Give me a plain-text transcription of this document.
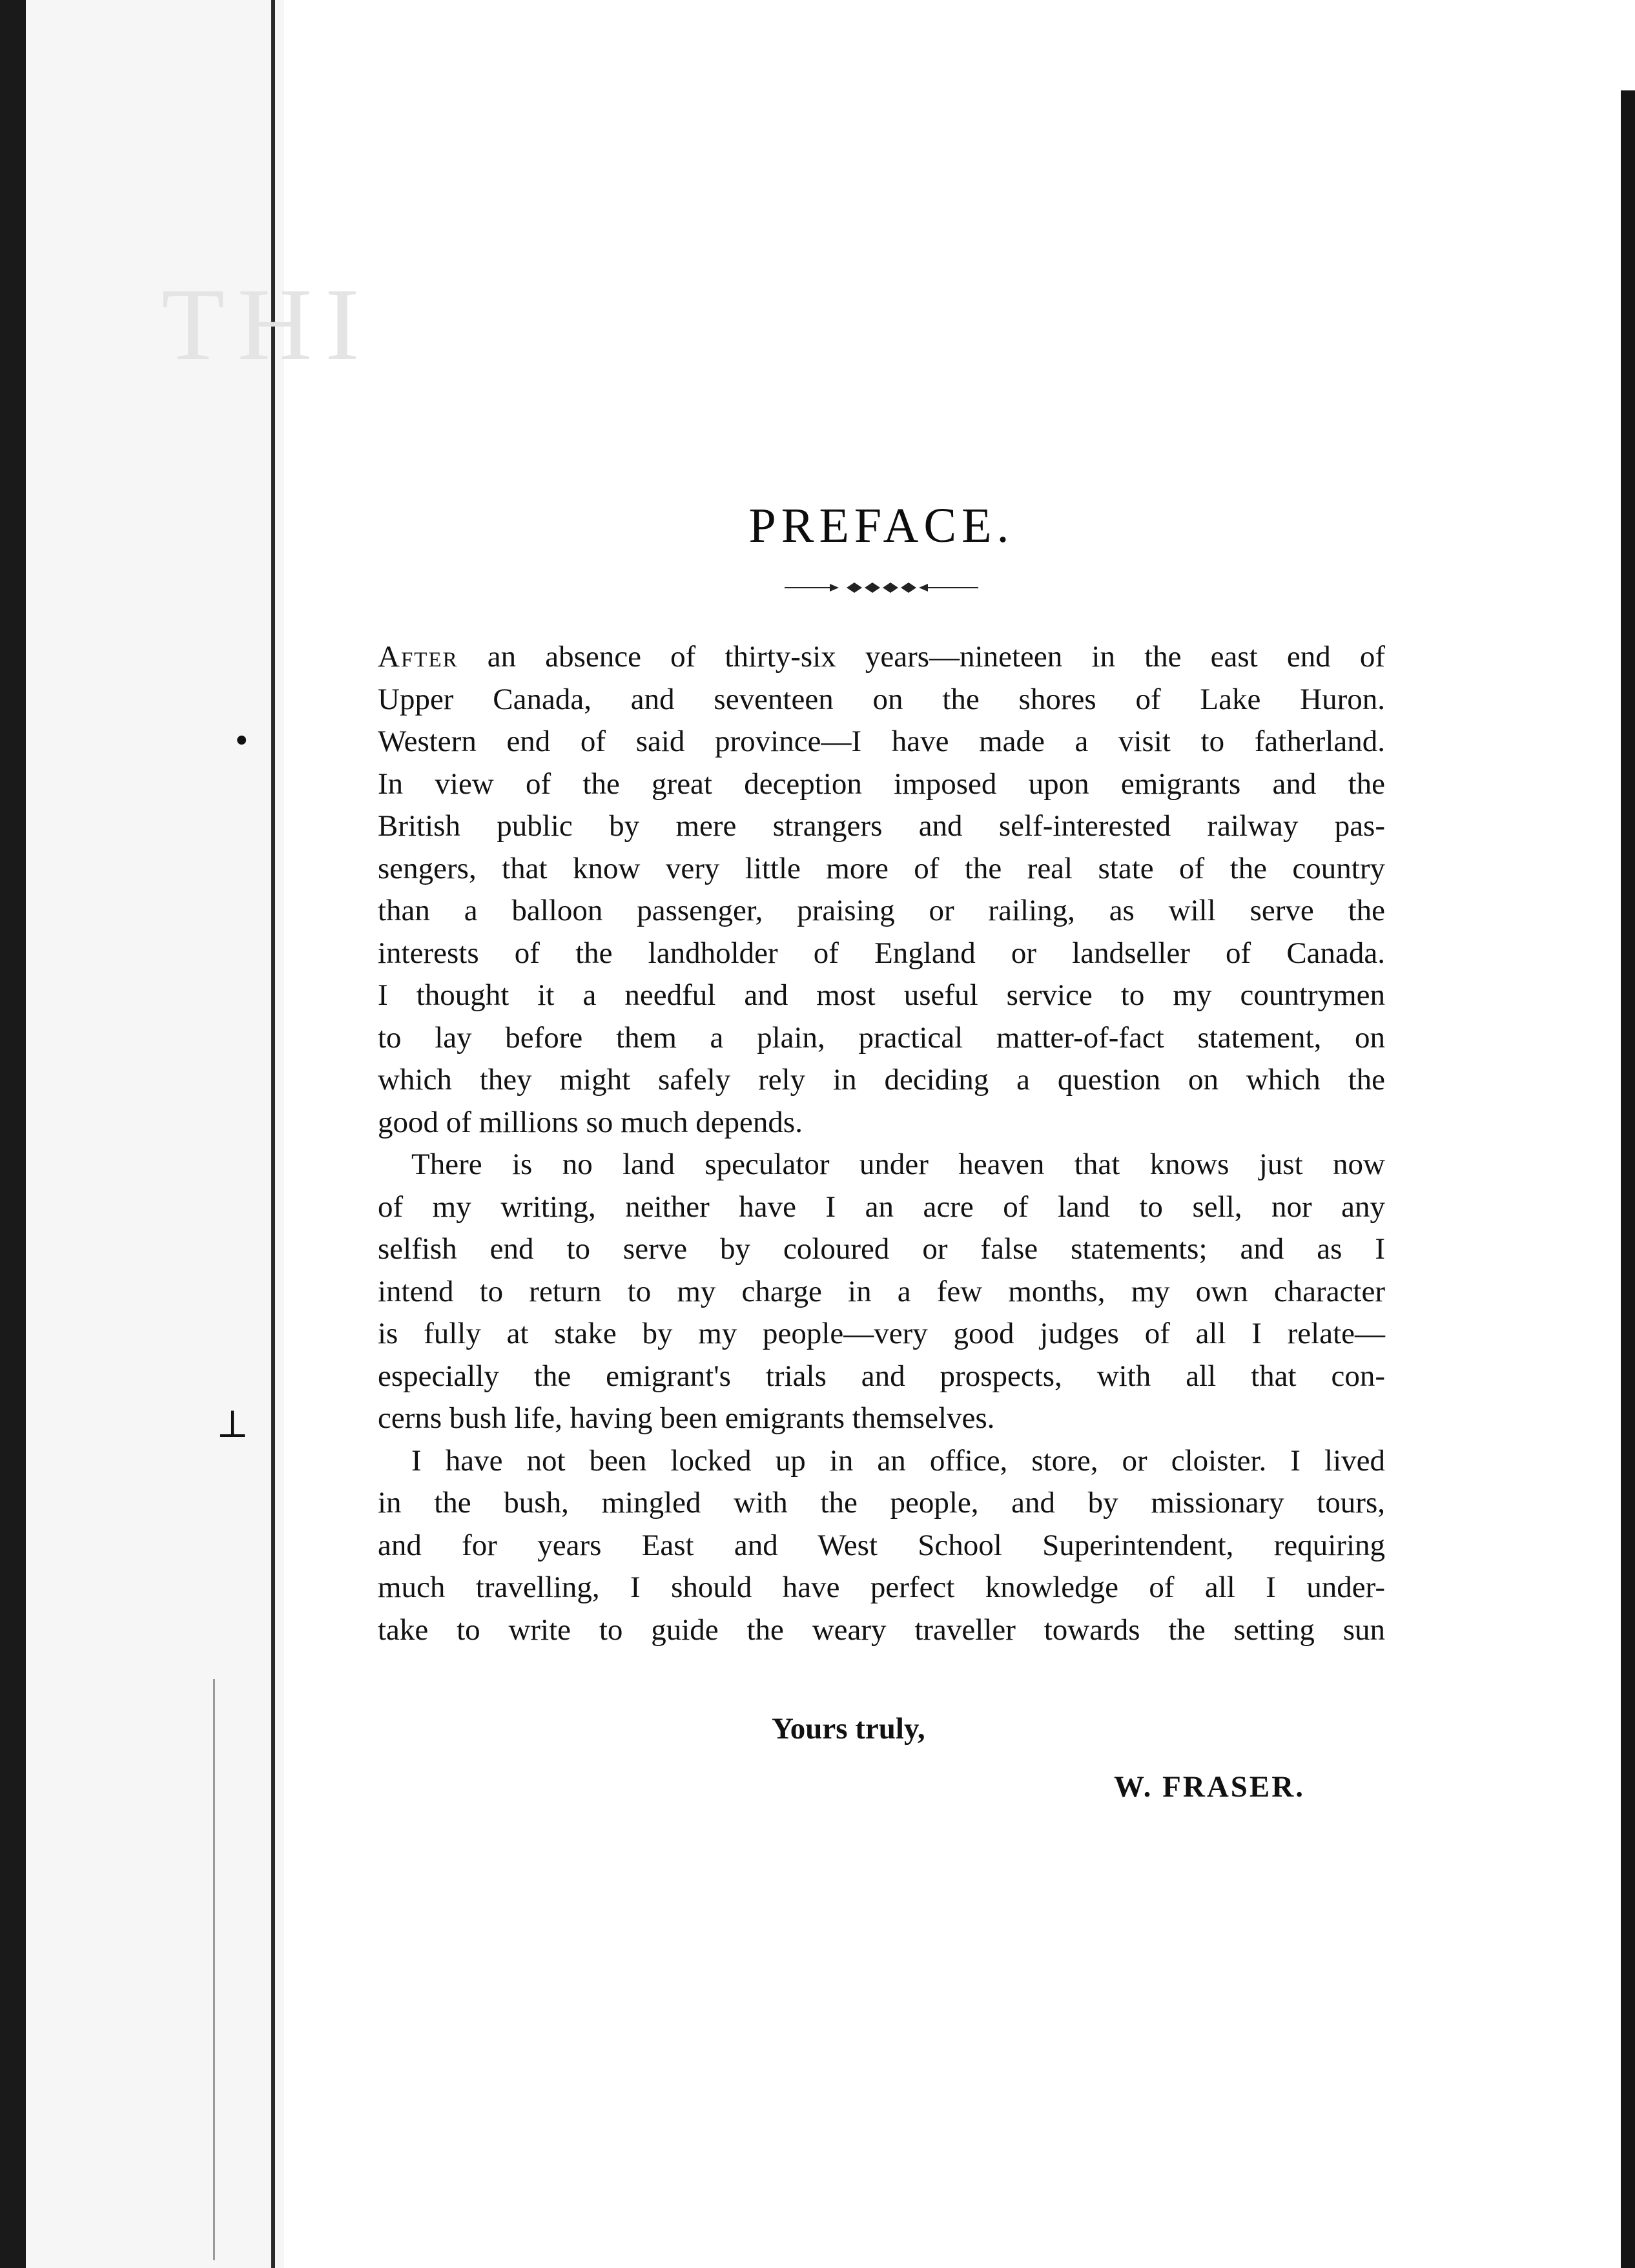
THI
•
⟂
PREFACE.

After an absence of thirty-six years—nineteen in the east end of
Upper Canada, and seventeen on the shores of Lake Huron.
Western end of said province—I have made a visit to fatherland.
In view of the great deception imposed upon emigrants and the
British public by mere strangers and self-interested railway pas-
sengers, that know very little more of the real state of the country
than a balloon passenger, praising or railing, as will serve the
interests of the landholder of England or landseller of Canada.
I thought it a needful and most useful service to my countrymen
to lay before them a plain, practical matter-of-fact statement, on
which they might safely rely in deciding a question on which the
good of millions so much depends.

There is no land speculator under heaven that knows just now
of my writing, neither have I an acre of land to sell, nor any
selfish end to serve by coloured or false statements; and as I
intend to return to my charge in a few months, my own character
is fully at stake by my people—very good judges of all I relate—
especially the emigrant's trials and prospects, with all that con-
cerns bush life, having been emigrants themselves.

I have not been locked up in an office, store, or cloister. I lived
in the bush, mingled with the people, and by missionary tours,
and for years East and West School Superintendent, requiring
much travelling, I should have perfect knowledge of all I under-
take to write to guide the weary traveller towards the setting sun

Yours truly,
W. FRASER.
